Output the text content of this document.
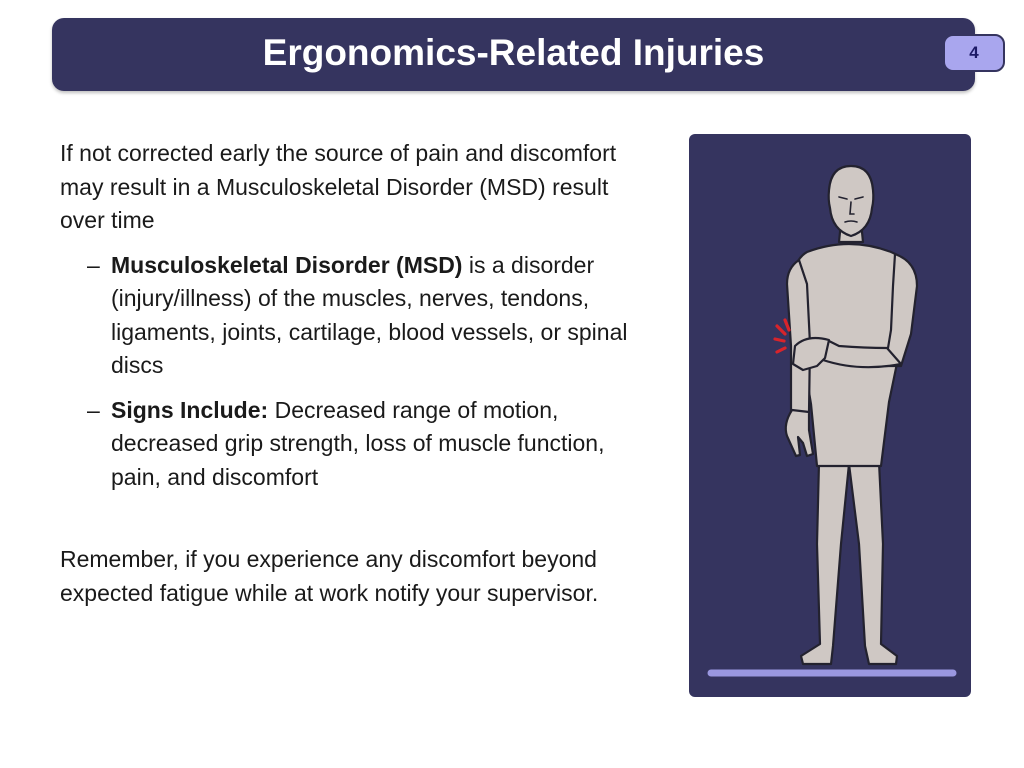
Ergonomics-Related Injuries	4

If not corrected early the source of pain and discomfort may result in a Musculoskeletal Disorder (MSD) result over time

– Musculoskeletal Disorder (MSD) is a disorder (injury/illness) of the muscles, nerves, tendons, ligaments, joints, cartilage, blood vessels, or spinal discs
– Signs Include: Decreased range of motion, decreased grip strength, loss of muscle function, pain, and discomfort

Remember, if you experience any discomfort beyond expected fatigue while at work notify your supervisor.
